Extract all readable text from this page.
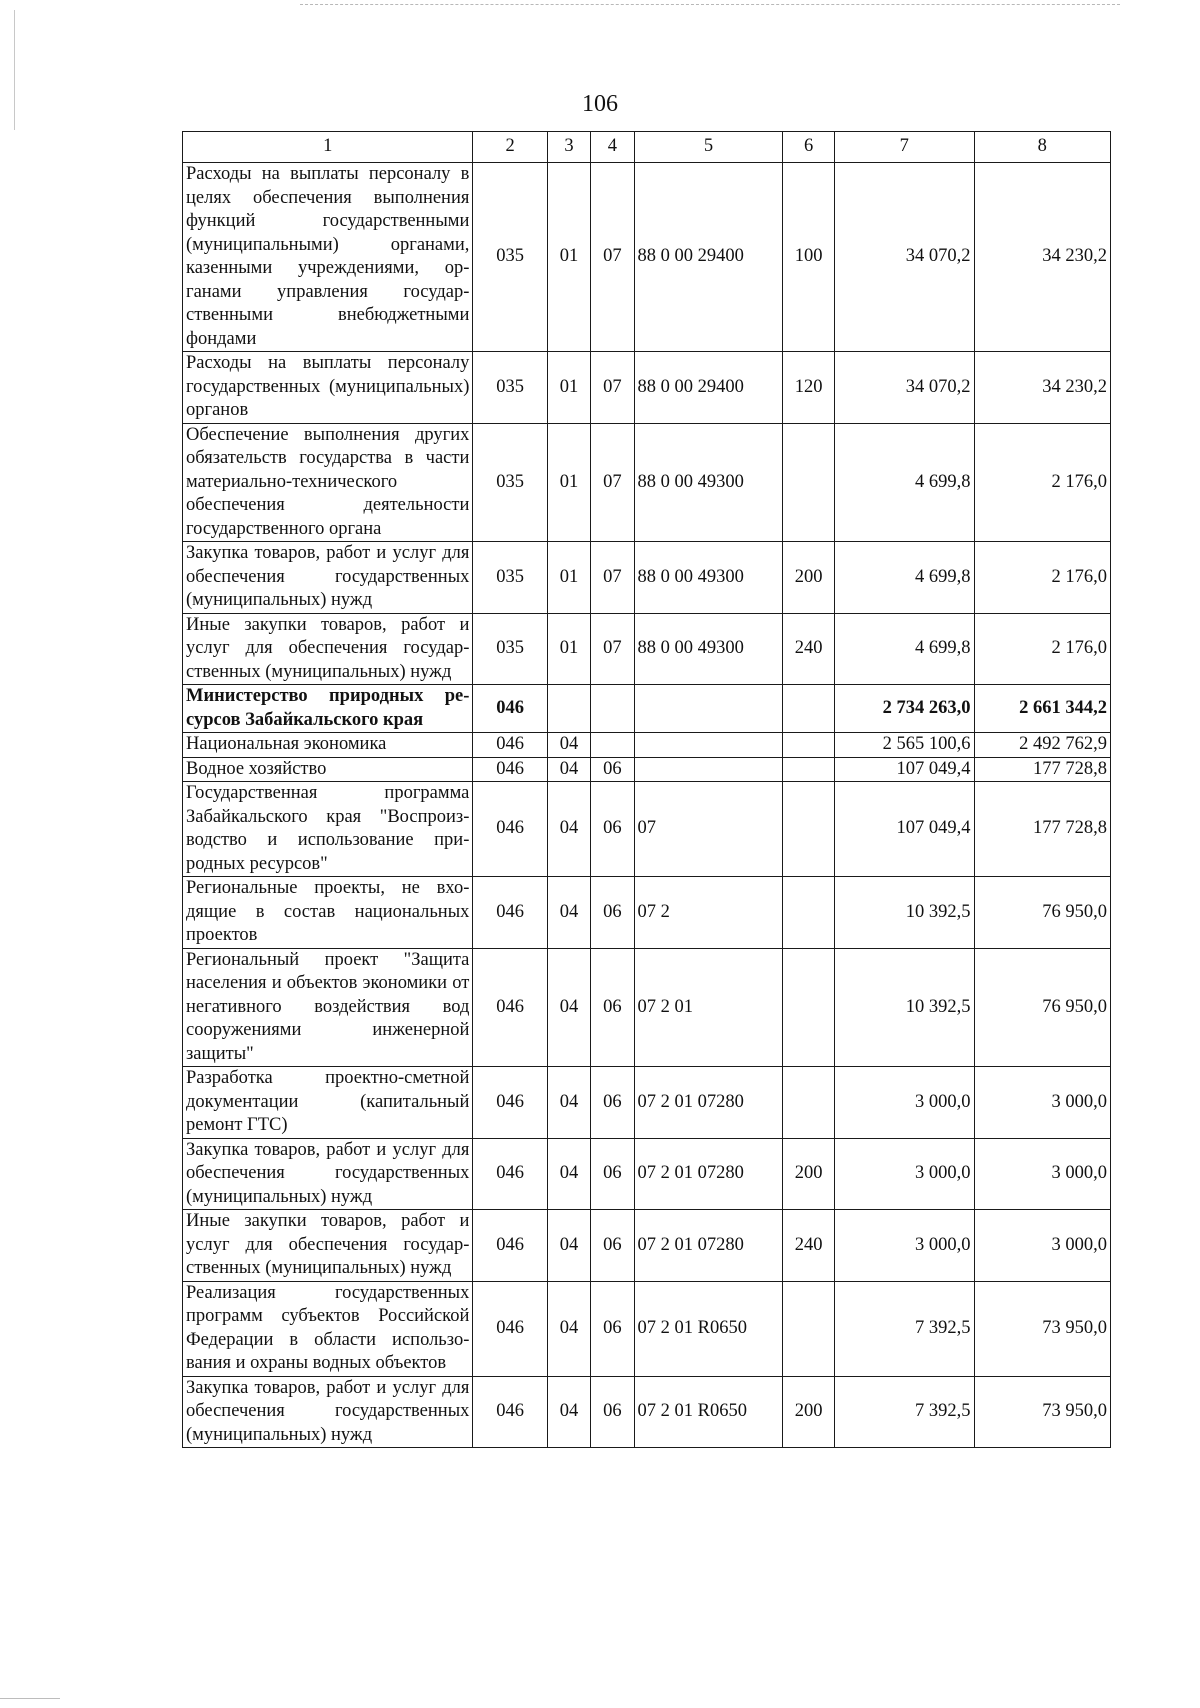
106
1	2	3	4	5	6	7	8
Расходы на выплаты персоналу в целях обеспечения выполнения функций государственными (муниципальными) органами, казенными учреждениями, органами управления государственными внебюджетными фондами	035	01	07	88 0 00 29400	100	34 070,2	34 230,2
Расходы на выплаты персоналу государственных (муниципальных) органов	035	01	07	88 0 00 29400	120	34 070,2	34 230,2
Обеспечение выполнения других обязательств государства в части материально-технического обеспечения деятельности государственного органа	035	01	07	88 0 00 49300		4 699,8	2 176,0
Закупка товаров, работ и услуг для обеспечения государственных (муниципальных) нужд	035	01	07	88 0 00 49300	200	4 699,8	2 176,0
Иные закупки товаров, работ и услуг для обеспечения государственных (муниципальных) нужд	035	01	07	88 0 00 49300	240	4 699,8	2 176,0
Министерство природных ресурсов Забайкальского края	046					2 734 263,0	2 661 344,2
Национальная экономика	046	04				2 565 100,6	2 492 762,9
Водное хозяйство	046	04	06			107 049,4	177 728,8
Государственная программа Забайкальского края "Воспроизводство и использование природных ресурсов"	046	04	06	07		107 049,4	177 728,8
Региональные проекты, не входящие в состав национальных проектов	046	04	06	07 2		10 392,5	76 950,0
Региональный проект "Защита населения и объектов экономики от негативного воздействия вод сооружениями инженерной защиты"	046	04	06	07 2 01		10 392,5	76 950,0
Разработка проектно-сметной документации (капитальный ремонт ГТС)	046	04	06	07 2 01 07280		3 000,0	3 000,0
Закупка товаров, работ и услуг для обеспечения государственных (муниципальных) нужд	046	04	06	07 2 01 07280	200	3 000,0	3 000,0
Иные закупки товаров, работ и услуг для обеспечения государственных (муниципальных) нужд	046	04	06	07 2 01 07280	240	3 000,0	3 000,0
Реализация государственных программ субъектов Российской Федерации в области использования и охраны водных объектов	046	04	06	07 2 01 R0650		7 392,5	73 950,0
Закупка товаров, работ и услуг для обеспечения государственных (муниципальных) нужд	046	04	06	07 2 01 R0650	200	7 392,5	73 950,0
